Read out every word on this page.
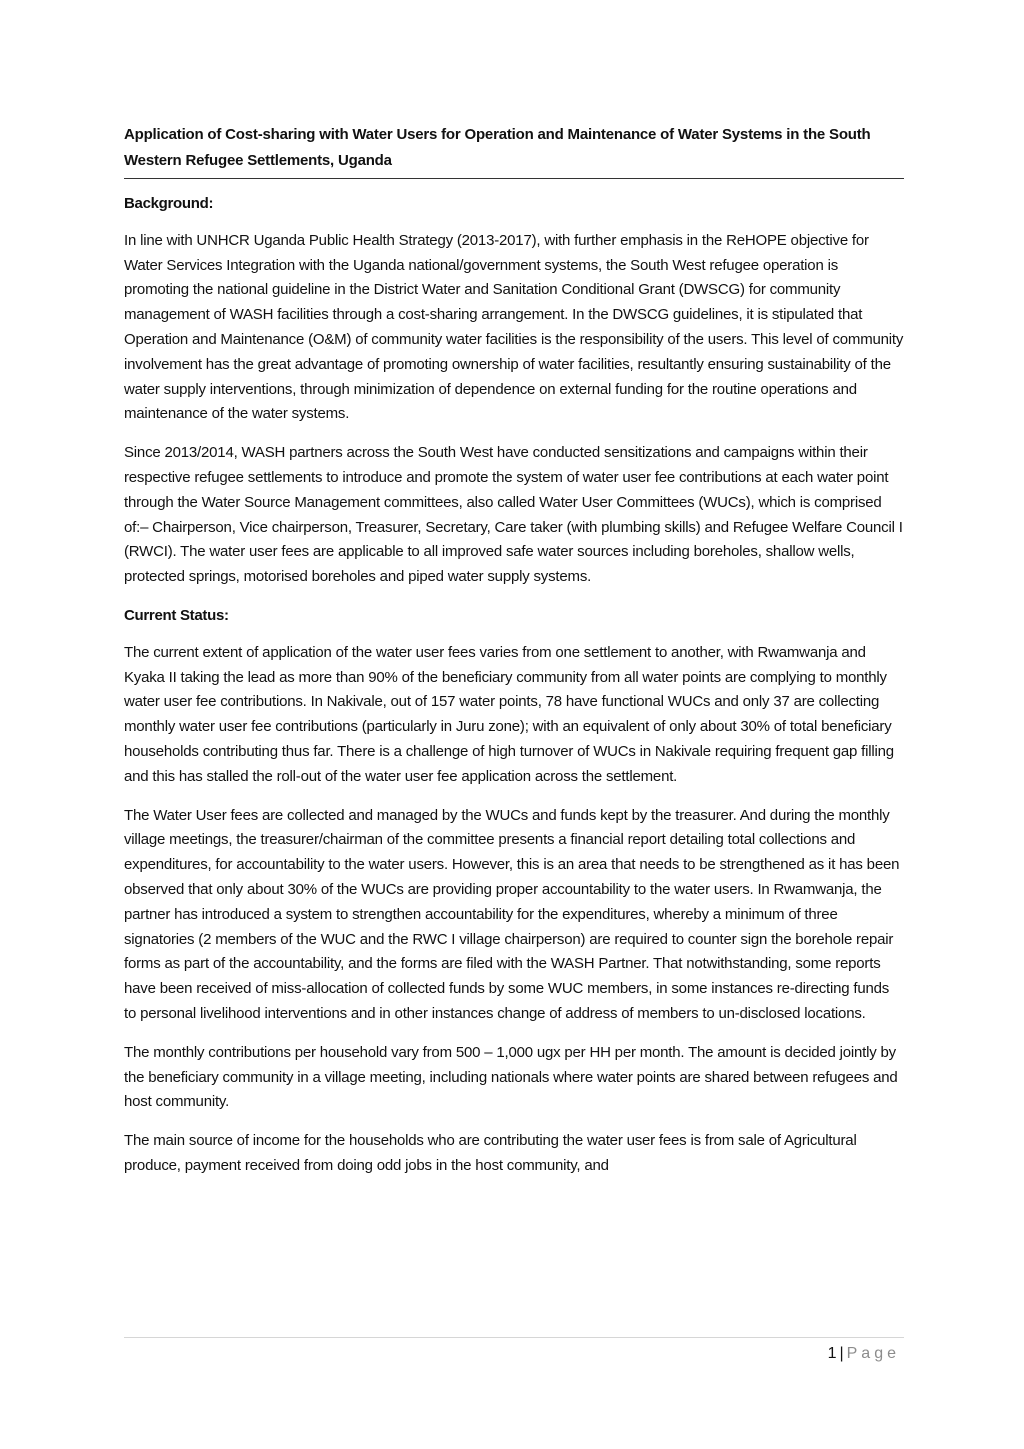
Application of Cost-sharing with Water Users for Operation and Maintenance of Water Systems in the South Western Refugee Settlements, Uganda
Background:

In line with UNHCR Uganda Public Health Strategy (2013-2017), with further emphasis in the ReHOPE objective for Water Services Integration with the Uganda national/government systems, the South West refugee operation is promoting the national guideline in the District Water and Sanitation Conditional Grant (DWSCG) for community management of WASH facilities through a cost-sharing arrangement. In the DWSCG guidelines, it is stipulated that Operation and Maintenance (O&M) of community water facilities is the responsibility of the users. This level of community involvement has the great advantage of promoting ownership of water facilities, resultantly ensuring sustainability of the water supply interventions, through minimization of dependence on external funding for the routine operations and maintenance of the water systems.

Since 2013/2014, WASH partners across the South West have conducted sensitizations and campaigns within their respective refugee settlements to introduce and promote the system of water user fee contributions at each water point through the Water Source Management committees, also called Water User Committees (WUCs), which is comprised of:– Chairperson, Vice chairperson, Treasurer, Secretary, Care taker (with plumbing skills) and Refugee Welfare Council I (RWCI). The water user fees are applicable to all improved safe water sources including boreholes, shallow wells, protected springs, motorised boreholes and piped water supply systems.

Current Status:

The current extent of application of the water user fees varies from one settlement to another, with Rwamwanja and Kyaka II taking the lead as more than 90% of the beneficiary community from all water points are complying to monthly water user fee contributions. In Nakivale, out of 157 water points, 78 have functional WUCs and only 37 are collecting monthly water user fee contributions (particularly in Juru zone); with an equivalent of only about 30% of total beneficiary households contributing thus far. There is a challenge of high turnover of WUCs in Nakivale requiring frequent gap filling and this has stalled the roll-out of the water user fee application across the settlement.

The Water User fees are collected and managed by the WUCs and funds kept by the treasurer. And during the monthly village meetings, the treasurer/chairman of the committee presents a financial report detailing total collections and expenditures, for accountability to the water users. However, this is an area that needs to be strengthened as it has been observed that only about 30% of the WUCs are providing proper accountability to the water users. In Rwamwanja, the partner has introduced a system to strengthen accountability for the expenditures, whereby a minimum of three signatories (2 members of the WUC and the RWC I village chairperson) are required to counter sign the borehole repair forms as part of the accountability, and the forms are filed with the WASH Partner. That notwithstanding, some reports have been received of miss-allocation of collected funds by some WUC members, in some instances re-directing funds to personal livelihood interventions and in other instances change of address of members to un-disclosed locations.

The monthly contributions per household vary from 500 – 1,000 ugx per HH per month. The amount is decided jointly by the beneficiary community in a village meeting, including nationals where water points are shared between refugees and host community.

The main source of income for the households who are contributing the water user fees is from sale of Agricultural produce, payment received from doing odd jobs in the host community, and

1 | Page
